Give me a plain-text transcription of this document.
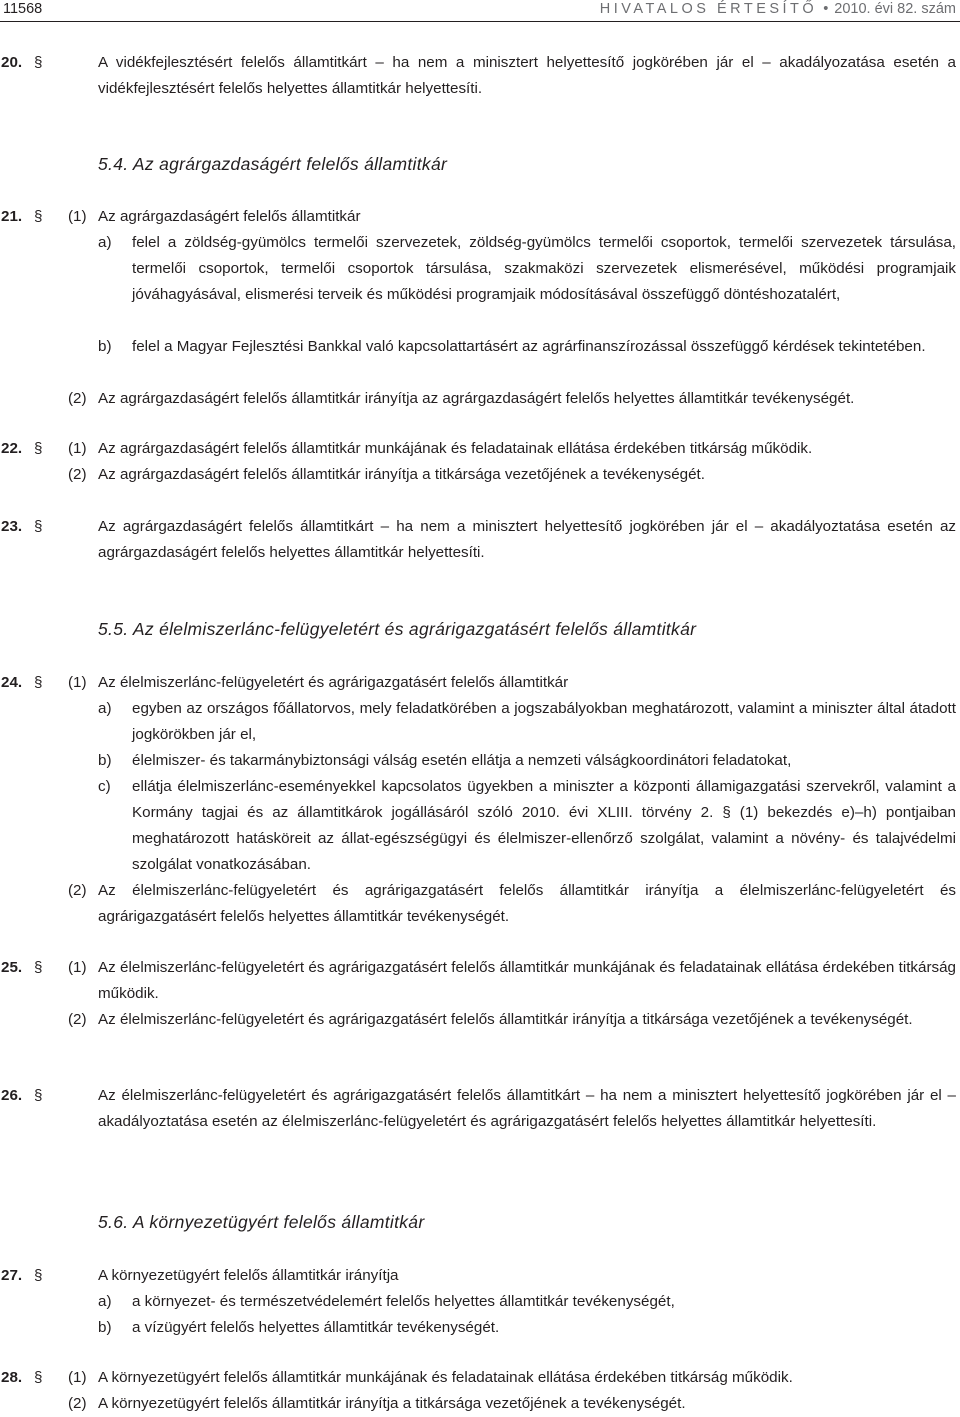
11568	HIVATALOS ÉRTESÍTŐ • 2010. évi 82. szám
20. §	A vidékfejlesztésért felelős államtitkárt – ha nem a minisztert helyettesítő jogkörében jár el – akadályozatása esetén a vidékfejlesztésért felelős helyettes államtitkár helyettesíti.
5.4. Az agrárgazdaságért felelős államtitkár
21. § (1) Az agrárgazdaságért felelős államtitkár
a) felel a zöldség-gyümölcs termelői szervezetek, zöldség-gyümölcs termelői csoportok, termelői szervezetek társulása, termelői csoportok, termelői csoportok társulása, szakmaközi szervezetek elismerésével, működési programjaik jóváhagyásával, elismerési terveik és működési programjaik módosításával összefüggő döntéshozatalért,
b) felel a Magyar Fejlesztési Bankkal való kapcsolattartásért az agrárfinanszírozással összefüggő kérdések tekintetében.
(2) Az agrárgazdaságért felelős államtitkár irányítja az agrárgazdaságért felelős helyettes államtitkár tevékenységét.
22. § (1) Az agrárgazdaságért felelős államtitkár munkájának és feladatainak ellátása érdekében titkárság működik.
(2) Az agrárgazdaságért felelős államtitkár irányítja a titkársága vezetőjének a tevékenységét.
23. §	Az agrárgazdaságért felelős államtitkárt – ha nem a minisztert helyettesítő jogkörében jár el – akadályoztatása esetén az agrárgazdaságért felelős helyettes államtitkár helyettesíti.
5.5. Az élelmiszerlánc-felügyeletért és agrárigazgatásért felelős államtitkár
24. § (1) Az élelmiszerlánc-felügyeletért és agrárigazgatásért felelős államtitkár
a) egyben az országos főállatorvos, mely feladatkörében a jogszabályokban meghatározott, valamint a miniszter által átadott jogkörökben jár el,
b) élelmiszer- és takarmánybiztonsági válság esetén ellátja a nemzeti válságkoordinátori feladatokat,
c) ellátja élelmiszerlánc-eseményekkel kapcsolatos ügyekben a miniszter a központi államigazgatási szervekről, valamint a Kormány tagjai és az államtitkárok jogállásáról szóló 2010. évi XLIII. törvény 2. § (1) bekezdés e)–h) pontjaiban meghatározott hatásköreit az állat-egészségügyi és élelmiszer-ellenőrző szolgálat, valamint a növény- és talajvédelmi szolgálat vonatkozásában.
(2) Az élelmiszerlánc-felügyeletért és agrárigazgatásért felelős államtitkár irányítja a élelmiszerlánc-felügyeletért és agrárigazgatásért felelős helyettes államtitkár tevékenységét.
25. § (1) Az élelmiszerlánc-felügyeletért és agrárigazgatásért felelős államtitkár munkájának és feladatainak ellátása érdekében titkárság működik.
(2) Az élelmiszerlánc-felügyeletért és agrárigazgatásért felelős államtitkár irányítja a titkársága vezetőjének a tevékenységét.
26. §	Az élelmiszerlánc-felügyeletért és agrárigazgatásért felelős államtitkárt – ha nem a minisztert helyettesítő jogkörében jár el – akadályoztatása esetén az élelmiszerlánc-felügyeletért és agrárigazgatásért felelős helyettes államtitkár helyettesíti.
5.6. A környezetügyért felelős államtitkár
27. §	A környezetügyért felelős államtitkár irányítja
a) a környezet- és természetvédelemért felelős helyettes államtitkár tevékenységét,
b) a vízügyért felelős helyettes államtitkár tevékenységét.
28. § (1) A környezetügyért felelős államtitkár munkájának és feladatainak ellátása érdekében titkárság működik.
(2) A környezetügyért felelős államtitkár irányítja a titkársága vezetőjének a tevékenységét.
